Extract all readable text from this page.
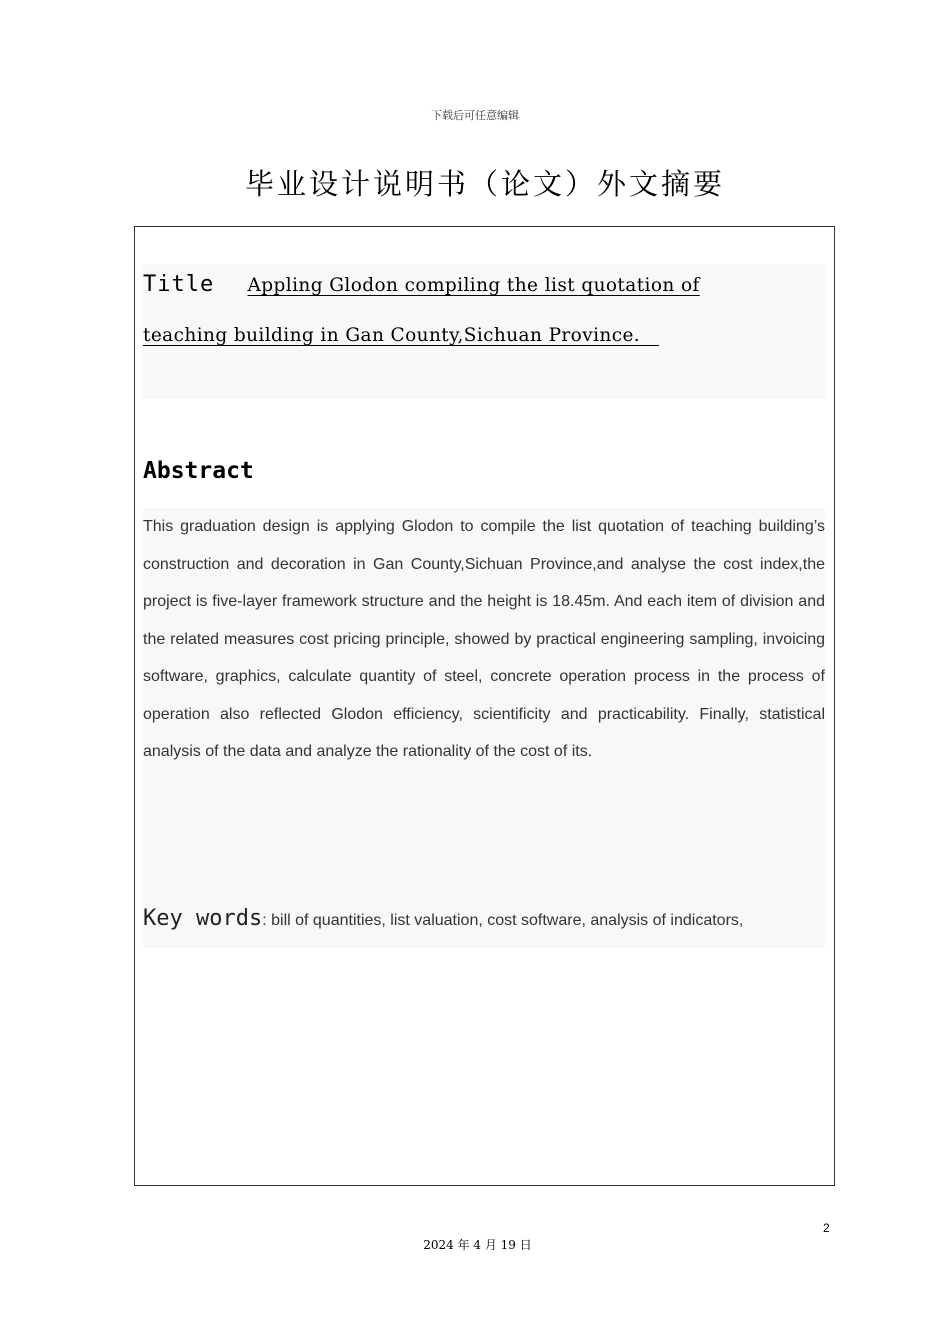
下载后可任意编辑
毕业设计说明书（论文）外文摘要
Title Appling Glodon compiling the list quotation of
teaching building in Gan County,Sichuan Province.
Abstract
This graduation design is applying Glodon to compile the list quotation of teaching building’s construction and decoration in Gan County,Sichuan Province,and analyse the cost index,the project is five-layer framework structure and the height is 18.45m. And each item of division and the related measures cost pricing principle, showed by practical engineering sampling, invoicing software, graphics, calculate quantity of steel, concrete operation process in the process of operation also reflected Glodon efficiency, scientificity and practicability. Finally, statistical analysis of the data and analyze the rationality of the cost of its.
Key words: bill of quantities, list valuation, cost software, analysis of indicators,
2
2024 年 4 月 19 日
